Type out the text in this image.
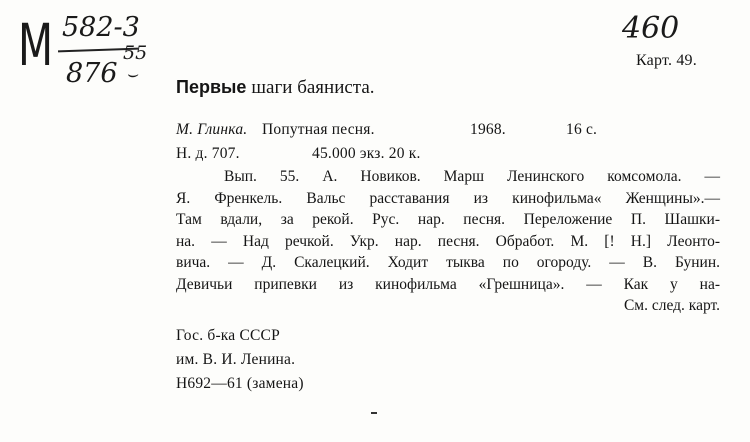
М 582-3
876
55
⌣
460
Карт. 49.
Первые шаги баяниста.
М. Глинка. Попутная песня.	1968.	16 с.
Н. д. 707.	45.000 экз. 20 к.
Вып. 55. А. Новиков. Марш Ленинского комсомола. —
Я. Френкель. Вальс расставания из кинофильма« Женщины».—
Там вдали, за рекой. Рус. нар. песня. Переложение П. Шашки-
на. — Над речкой. Укр. нар. песня. Обработ. М. [! Н.] Леонто-
вича. — Д. Скалецкий. Ходит тыква по огороду. — В. Бунин.
Девичьи припевки из кинофильма «Грешница». — Как у на-
См. след. карт.
Гос. б-ка СССР
им. В. И. Ленина.
Н692—61 (замена)
